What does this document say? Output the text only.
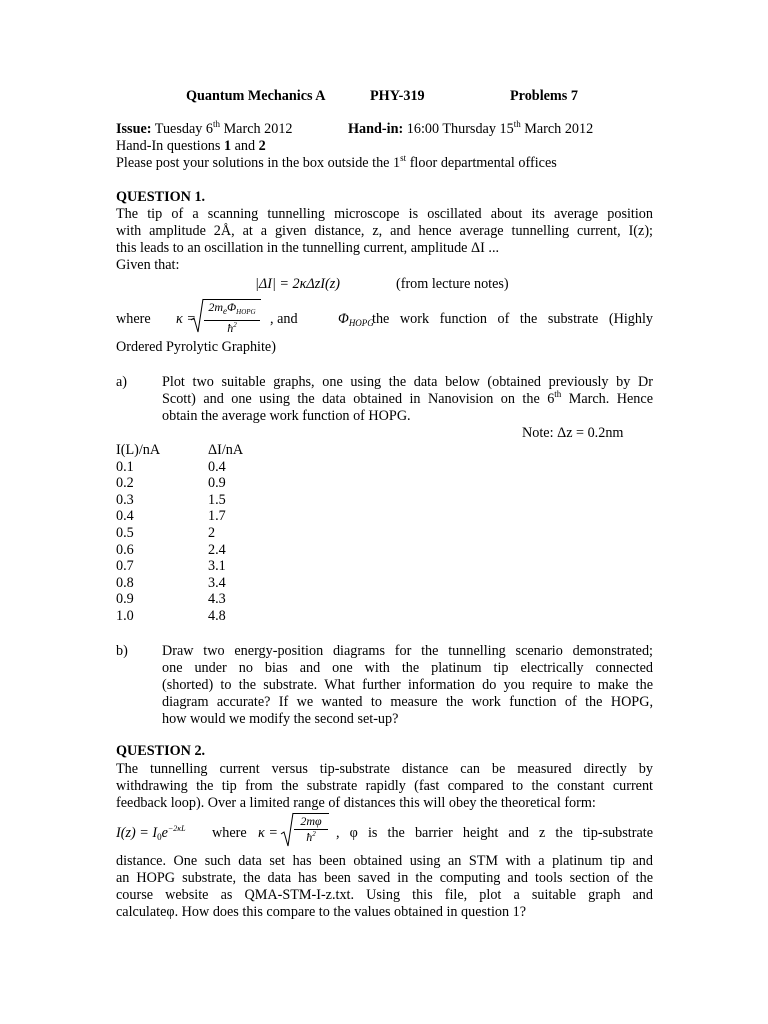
Quantum Mechanics A	PHY-319	Problems 7
Issue: Tuesday 6th March 2012	Hand-in: 16:00 Thursday 15th March 2012
Hand-In questions 1 and 2
Please post your solutions in the box outside the 1st floor departmental offices
QUESTION 1.
The tip of a scanning tunnelling microscope is oscillated about its average position
with amplitude 2Å, at a given distance, z, and hence average tunnelling current, I(z);
this leads to an oscillation in the tunnelling current, amplitude ΔI ...
Given that:
|ΔI| = 2κΔzI(z)	(from lecture notes)
where $\kappa = \frac{2m_e\Phi_{HOPG}}{ħ^2}$ , and	$\Phi_{HOPG}$
the work function of the substrate (Highly
Ordered Pyrolytic Graphite)
a) Plot two suitable graphs, one using the data below (obtained previously by Dr
Scott) and one using the data obtained in Nanovision on the 6th March. Hence
obtain the average work function of HOPG.
Note: Δz = 0.2nm
I(L)/nA	ΔI/nA
0.1	0.4
0.2	0.9
0.3	1.5
0.4	1.7
0.5	2
0.6	2.4
0.7	3.1
0.8	3.4
0.9	4.3
1.0	4.8
b) Draw two energy-position diagrams for the tunnelling scenario demonstrated;
one under no bias and one with the platinum tip electrically connected
(shorted) to the substrate. What further information do you require to make the
diagram accurate? If we wanted to measure the work function of the HOPG,
how would we modify the second set-up?
QUESTION 2.
The tunnelling current versus tip-substrate distance can be measured directly by
withdrawing the tip from the substrate rapidly (fast compared to the constant current
feedback loop). Over a limited range of distances this will obey the theoretical form:
$I(z) = I_0e^{-2\kappa L}$ where $\kappa = \frac{2m\varphi}{ħ^2}$ , φ is the barrier height and z the tip-substrate
distance. One such data set has been obtained using an STM with a platinum tip and
an HOPG substrate, the data has been saved in the computing and tools section of the
course website as QMA-STM-I-z.txt. Using this file, plot a suitable graph and
calculateφ. How does this compare to the values obtained in question 1?
